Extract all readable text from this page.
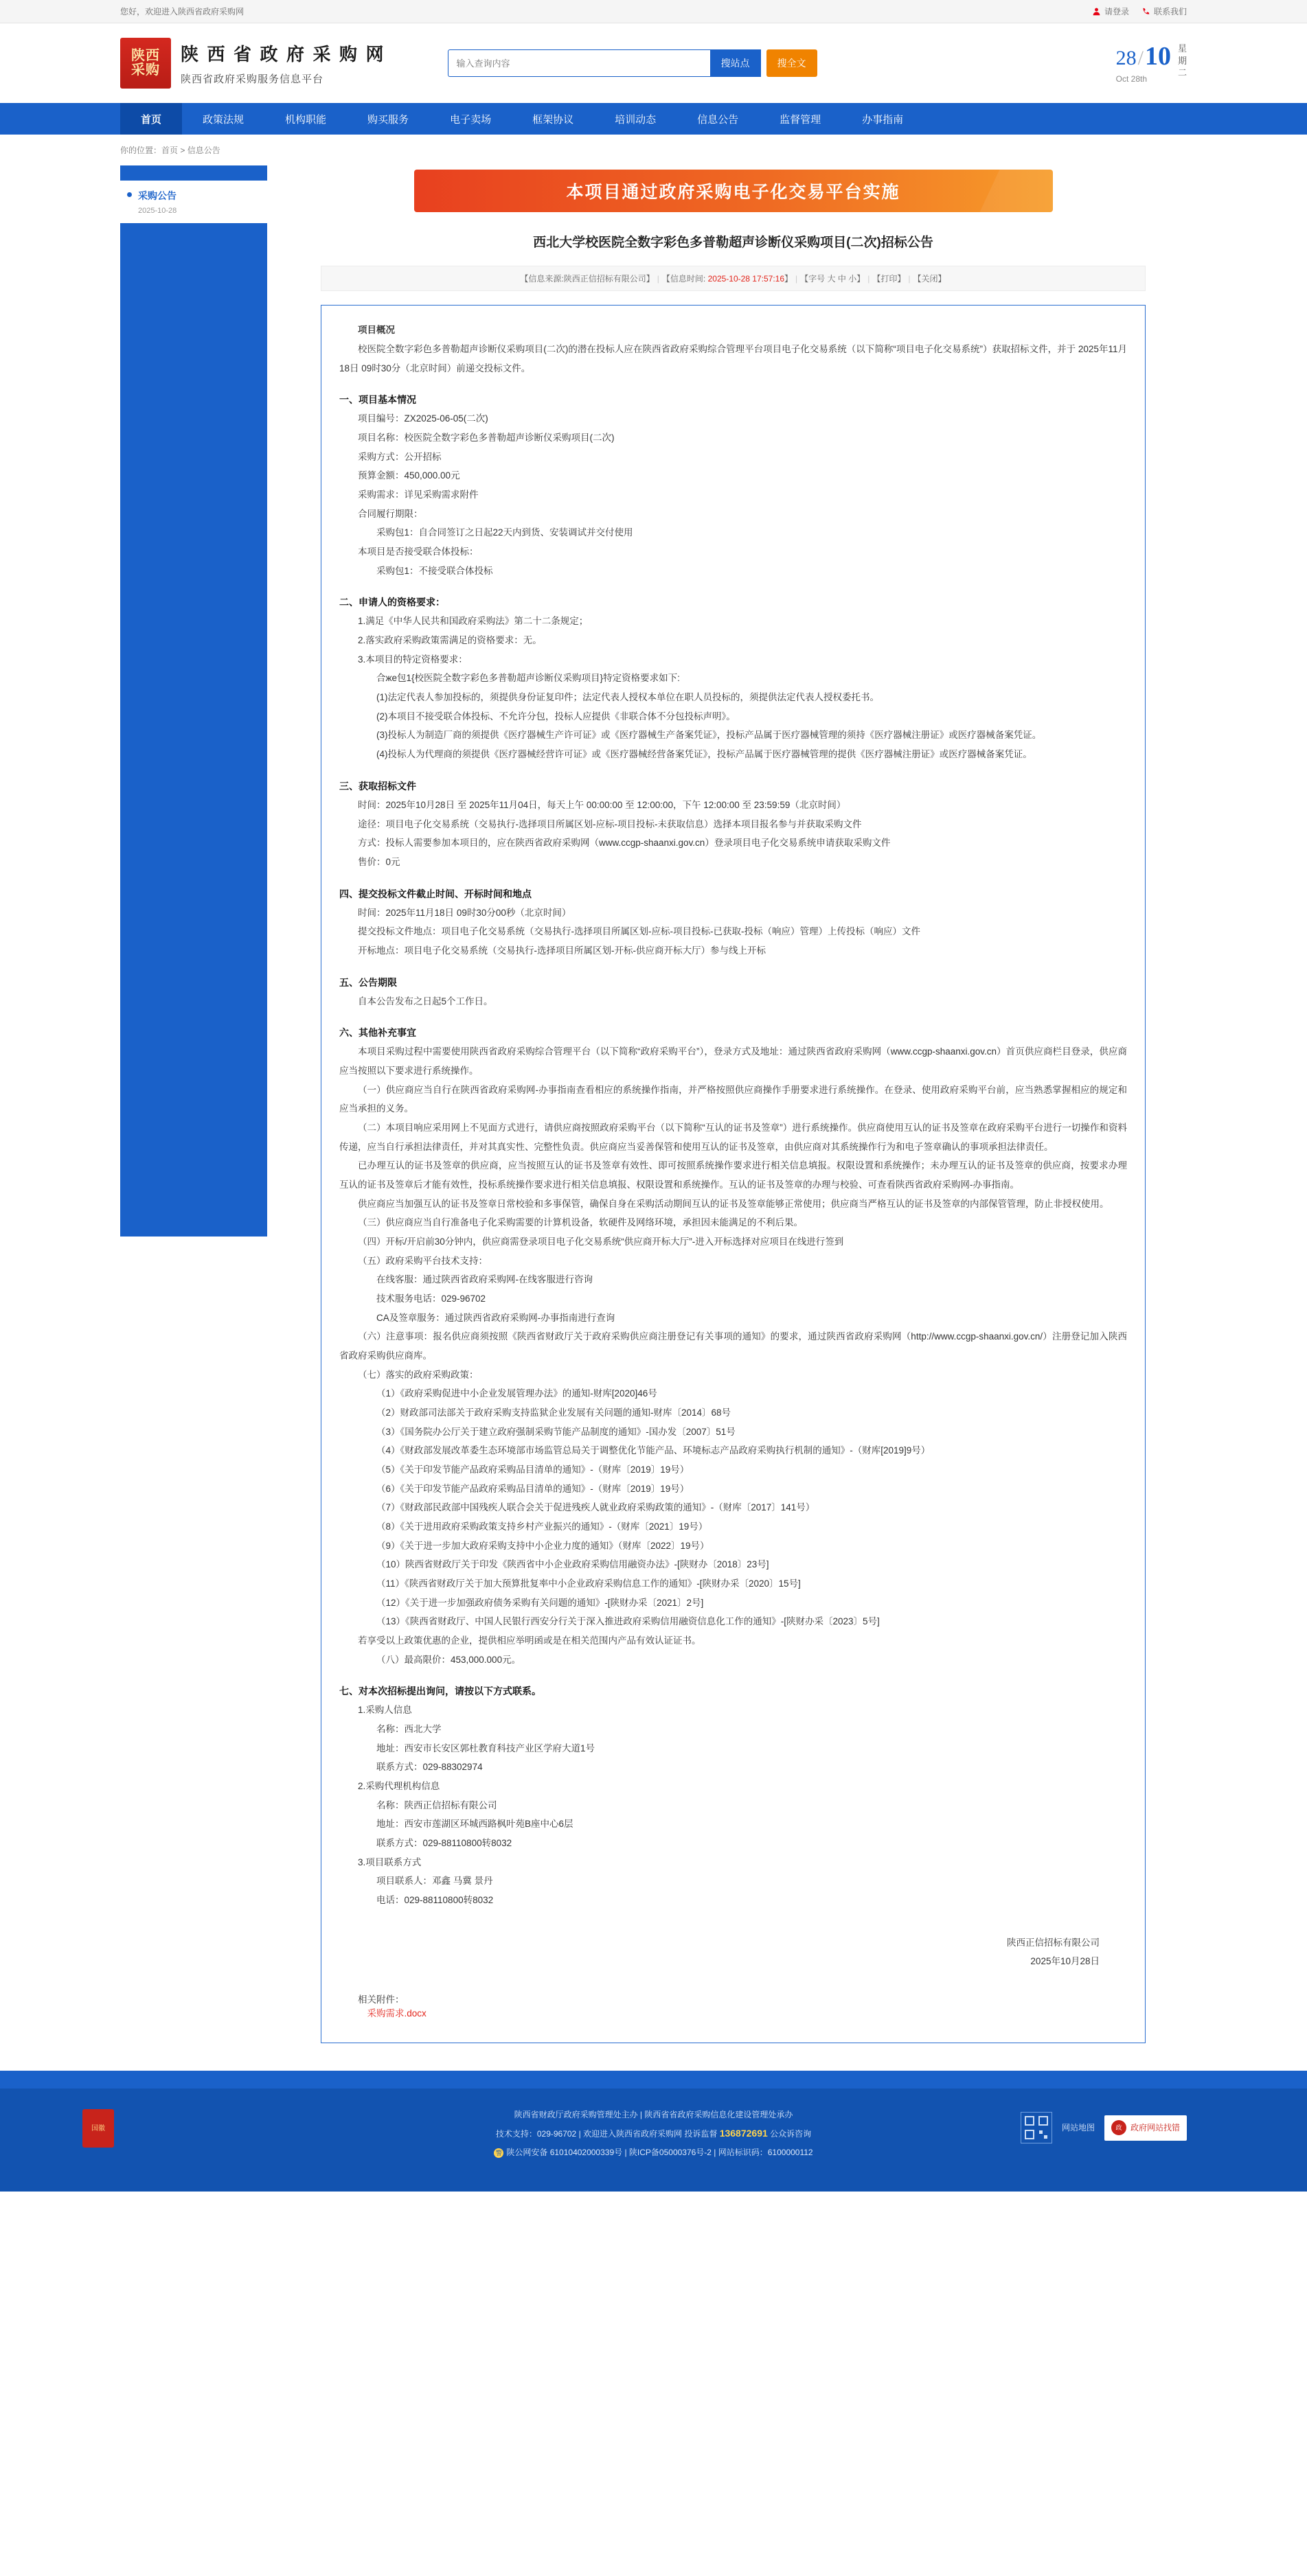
您好，欢迎进入陕西省政府采购网	请登录	联系我们
陕西
采购
陕 西 省 政 府 采 购 网
陕西省政府采购服务信息平台
输入查询内容
搜站点	搜全文	28/10
Oct 28th
星
期
二
首页	政策法规	机构职能	购买服务	电子卖场	框架协议	培训动态	信息公告	监督管理	办事指南
你的位置：首页 > 信息公告
采购公告
2025-10-28
本项目通过政府采购电子化交易平台实施
西北大学校医院全数字彩色多普勒超声诊断仪采购项目(二次)招标公告
【信息来源:陕西正信招标有限公司】 | 【信息时间: 2025-10-28 17:57:16】 | 【字号 大 中 小】 | 【打印】 | 【关闭】
项目概况
校医院全数字彩色多普勒超声诊断仪采购项目(二次)的潜在投标人应在陕西省政府采购综合管理平台项目电子化交易系统（以下简称“项目电子化交易系统”）获取招标文件，并于 2025年11月18日 09时30分（北京时间）前递交投标文件。
一、项目基本情况
项目编号：ZX2025-06-05(二次)
项目名称：校医院全数字彩色多普勒超声诊断仪采购项目(二次)
采购方式：公开招标
预算金额：450,000.00元
采购需求：详见采购需求附件
合同履行期限：
采购包1：自合同签订之日起22天内到货、安装调试并交付使用
本项目是否接受联合体投标：
采购包1：不接受联合体投标
二、申请人的资格要求：
1.满足《中华人民共和国政府采购法》第二十二条规定；
2.落实政府采购政策需满足的资格要求：无。
3.本项目的特定资格要求：
合же包1{校医院全数字彩色多普勒超声诊断仪采购项目}特定资格要求如下:
(1)法定代表人参加投标的，须提供身份证复印件；法定代表人授权本单位在职人员投标的，须提供法定代表人授权委托书。
(2)本项目不接受联合体投标、不允许分包，投标人应提供《非联合体不分包投标声明》。
(3)投标人为制造厂商的须提供《医疗器械生产许可证》或《医疗器械生产备案凭证》，投标产品属于医疗器械管理的须持《医疗器械注册证》或医疗器械备案凭证。
(4)投标人为代理商的须提供《医疗器械经营许可证》或《医疗器械经营备案凭证》，投标产品属于医疗器械管理的提供《医疗器械注册证》或医疗器械备案凭证。
三、获取招标文件
时间：2025年10月28日 至 2025年11月04日，每天上午 00:00:00 至 12:00:00，下午 12:00:00 至 23:59:59（北京时间）
途径：项目电子化交易系统（交易执行-选择项目所属区划-应标-项目投标-未获取信息）选择本项目报名参与并获取采购文件
方式：投标人需要参加本项目的，应在陕西省政府采购网（www.ccgp-shaanxi.gov.cn）登录项目电子化交易系统申请获取采购文件
售价：0元
四、提交投标文件截止时间、开标时间和地点
时间：2025年11月18日 09时30分00秒（北京时间）
提交投标文件地点：项目电子化交易系统（交易执行-选择项目所属区划-应标-项目投标-已获取-投标（响应）管理）上传投标（响应）文件
开标地点：项目电子化交易系统（交易执行-选择项目所属区划-开标-供应商开标大厅）参与线上开标
五、公告期限
自本公告发布之日起5个工作日。
六、其他补充事宜
本项目采购过程中需要使用陕西省政府采购综合管理平台（以下简称“政府采购平台”），登录方式及地址：通过陕西省政府采购网（www.ccgp-shaanxi.gov.cn）首页供应商栏目登录，供应商应当按照以下要求进行系统操作。
（一）供应商应当自行在陕西省政府采购网-办事指南查看相应的系统操作指南，并严格按照供应商操作手册要求进行系统操作。在登录、使用政府采购平台前，应当熟悉掌握相应的规定和应当承担的义务。
（二）本项目响应采用网上不见面方式进行，请供应商按照政府采购平台（以下简称“互认的证书及签章”）进行系统操作。供应商使用互认的证书及签章在政府采购平台进行一切操作和资料传递，应当自行承担法律责任，并对其真实性、完整性负责。供应商应当妥善保管和使用互认的证书及签章，由供应商对其系统操作行为和电子签章确认的事项承担法律责任。
已办理互认的证书及签章的供应商，应当按照互认的证书及签章有效性、即可按照系统操作要求进行相关信息填报。权限设置和系统操作；未办理互认的证书及签章的供应商，按要求办理互认的证书及签章后才能有效性，投标系统操作要求进行相关信息填报、权限设置和系统操作。互认的证书及签章的办理与校验、可查看陕西省政府采购网-办事指南。
供应商应当加强互认的证书及签章日常校验和多事保管，确保自身在采购活动期间互认的证书及签章能够正常使用；供应商当严格互认的证书及签章的内部保管管理，防止非授权使用。
（三）供应商应当自行准备电子化采购需要的计算机设备，软硬件及网络环境，承担因未能满足的不利后果。
（四）开标/开启前30分钟内，供应商需登录项目电子化交易系统“供应商开标大厅”-进入开标选择对应项目在线进行签到
（五）政府采购平台技术支持：
在线客服：通过陕西省政府采购网-在线客服进行咨询
技术服务电话：029-96702
CA及签章服务：通过陕西省政府采购网-办事指南进行查询
（六）注意事项：报名供应商须按照《陕西省财政厅关于政府采购供应商注册登记有关事项的通知》的要求，通过陕西省政府采购网（http://www.ccgp-shaanxi.gov.cn/）注册登记加入陕西省政府采购供应商库。
（七）落实的政府采购政策：
（1）《政府采购促进中小企业发展管理办法》的通知-财库[2020]46号
（2）财政部司法部关于政府采购支持监狱企业发展有关问题的通知-财库〔2014〕68号
（3）《国务院办公厅关于建立政府强制采购节能产品制度的通知》-国办发〔2007〕51号
（4）《财政部发展改革委生态环境部市场监管总局关于调整优化节能产品、环境标志产品政府采购执行机制的通知》-（财库[2019]9号）
（5）《关于印发节能产品政府采购品目清单的通知》-（财库〔2019〕19号）
（6）《关于印发节能产品政府采购品目清单的通知》-（财库〔2019〕19号）
（7）《财政部民政部中国残疾人联合会关于促进残疾人就业政府采购政策的通知》-（财库〔2017〕141号）
（8）《关于进用政府采购政策支持乡村产业振兴的通知》-（财库〔2021〕19号）
（9）《关于进一步加大政府采购支持中小企业力度的通知》（财库〔2022〕19号）
（10）陕西省财政厅关于印发《陕西省中小企业政府采购信用融资办法》-[陕财办〔2018〕23号]
（11）《陕西省财政厅关于加大预算批复率中小企业政府采购信息工作的通知》-[陕财办采〔2020〕15号]
（12）《关于进一步加强政府债务采购有关问题的通知》-[陕财办采〔2021〕2号]
（13）《陕西省财政厅、中国人民银行西安分行关于深入推进政府采购信用融资信息化工作的通知》-[陕财办采〔2023〕5号]
若享受以上政策优惠的企业，提供相应举明函或是在相关范围内产品有效认证证书。
（八）最高限价：453,000.000元。
七、对本次招标提出询问，请按以下方式联系。
1.采购人信息
名称：西北大学
地址：西安市长安区郭杜教育科技产业区学府大道1号
联系方式：029-88302974
2.采购代理机构信息
名称：陕西正信招标有限公司
地址：西安市莲湖区环城西路枫叶苑B座中心6层
联系方式：029-88110800转8032
3.项目联系方式
项目联系人：邓鑫 马冀 景丹
电话：029-88110800转8032
陕西正信招标有限公司
2025年10月28日
相关附件：
采购需求.docx
国徽
陕西省财政厅政府采购管理处主办 | 陕西省省政府采购信息化建设管理处承办
技术支持：029-96702 | 欢迎进入陕西省政府采购网 投诉监督 136872691 公众诉咨询
警 陕公网安备 61010402000339号 | 陕ICP备05000376号-2 | 网站标识码：6100000112
网站地图	政	政府网站找错
